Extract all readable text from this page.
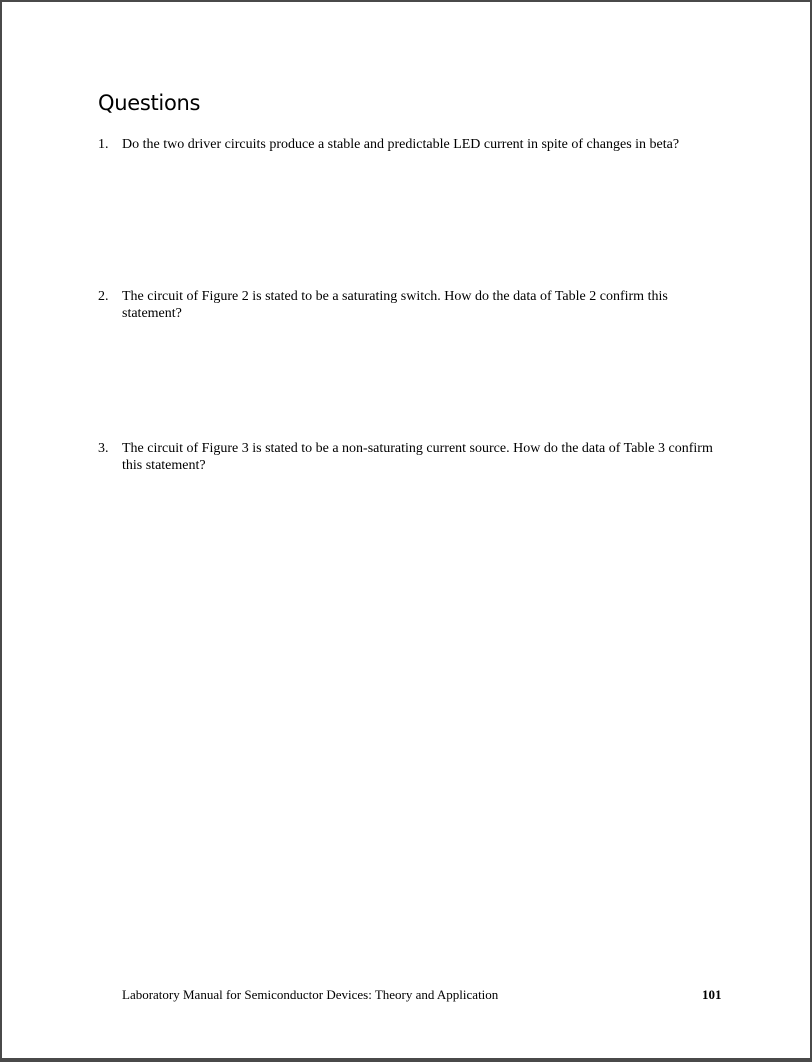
Questions
1. Do the two driver circuits produce a stable and predictable LED current in spite of changes in beta?
2. The circuit of Figure 2 is stated to be a saturating switch. How do the data of Table 2 confirm this statement?
3. The circuit of Figure 3 is stated to be a non-saturating current source. How do the data of Table 3 confirm this statement?
Laboratory Manual for Semiconductor Devices: Theory and Application	101
